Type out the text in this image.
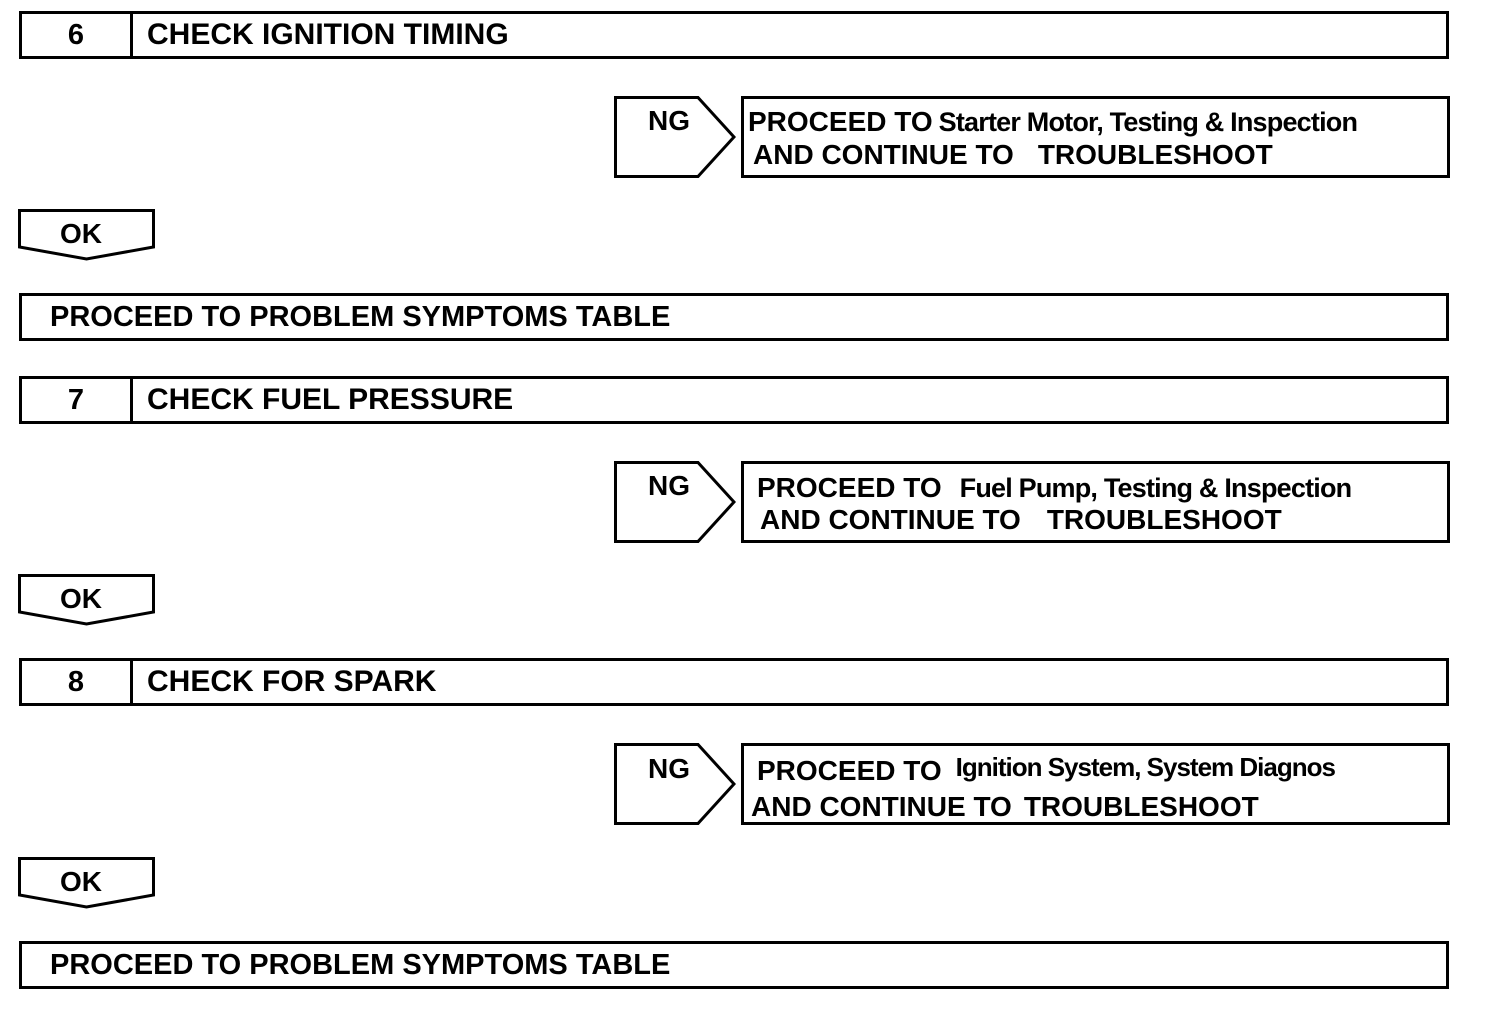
6	CHECK IGNITION TIMING
NG PROCEED TO Starter Motor, Testing & Inspection
AND CONTINUE TO TROUBLESHOOT
OK
PROCEED TO PROBLEM SYMPTOMS TABLE
7	CHECK FUEL PRESSURE
NG PROCEED TO Fuel Pump, Testing & Inspection
AND CONTINUE TO TROUBLESHOOT
OK
8	CHECK FOR SPARK
NG PROCEED TO Ignition System, System Diagnos
AND CONTINUE TO TROUBLESHOOT
OK
PROCEED TO PROBLEM SYMPTOMS TABLE
